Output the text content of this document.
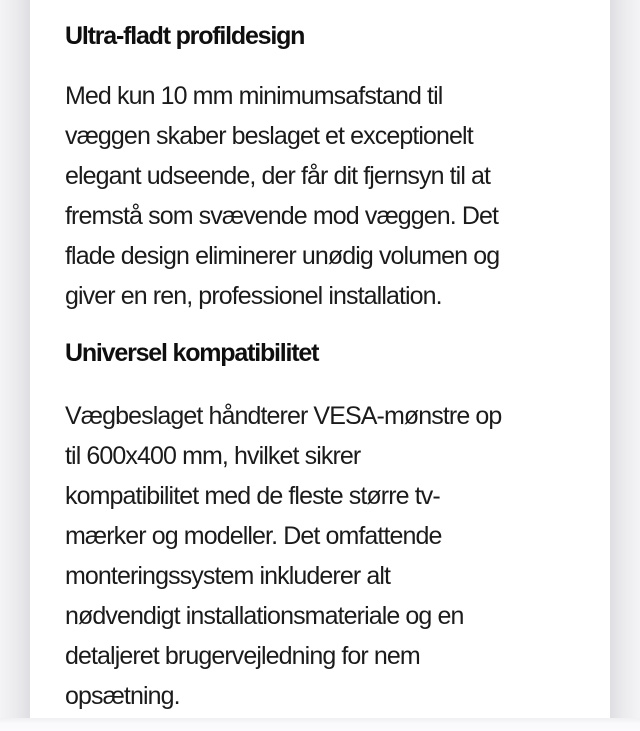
Ultra-fladt profildesign
Med kun 10 mm minimumsafstand til
væggen skaber beslaget et exceptionelt
elegant udseende, der får dit fjernsyn til at
fremstå som svævende mod væggen. Det
flade design eliminerer unødig volumen og
giver en ren, professionel installation.
Universel kompatibilitet
Vægbeslaget håndterer VESA-mønstre op
til 600x400 mm, hvilket sikrer
kompatibilitet med de fleste større tv-
mærker og modeller. Det omfattende
monteringssystem inkluderer alt
nødvendigt installationsmateriale og en
detaljeret brugervejledning for nem
opsætning.
